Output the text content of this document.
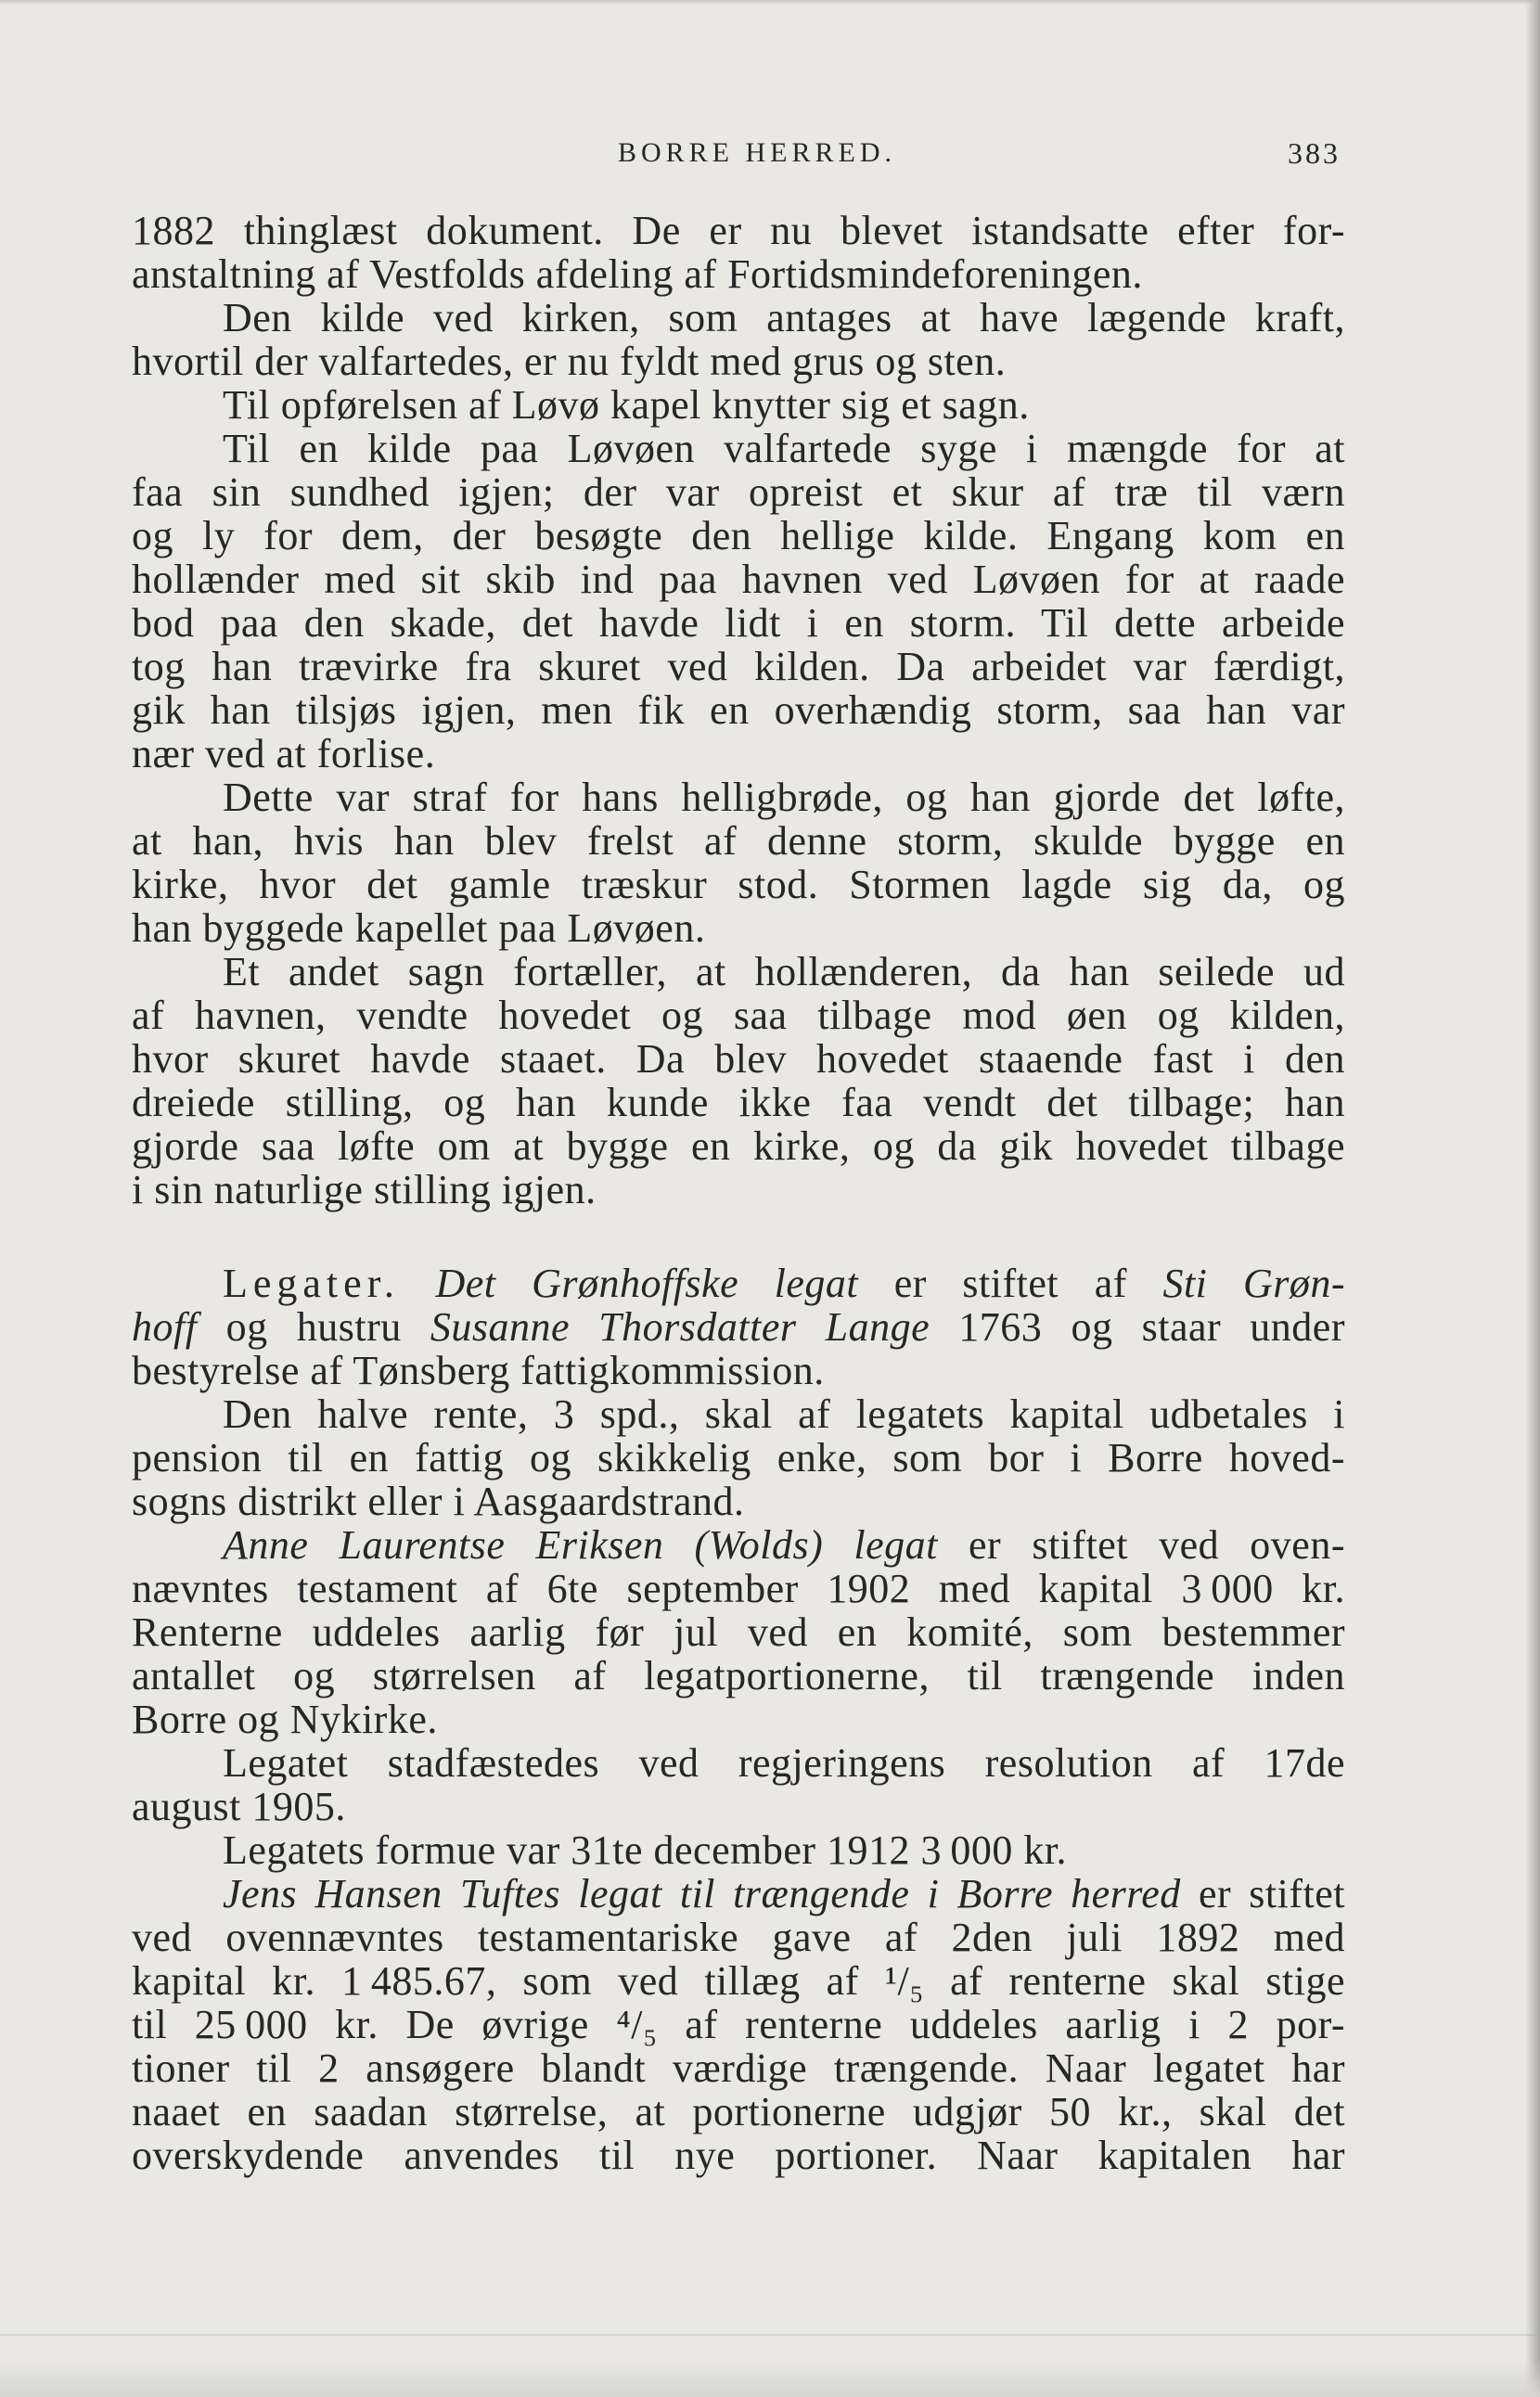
BORRE HERRED.	383
1882 thinglæst dokument. De er nu blevet istandsatte efter for-
anstaltning af Vestfolds afdeling af Fortidsmindeforeningen.
Den kilde ved kirken, som antages at have lægende kraft,
hvortil der valfartedes, er nu fyldt med grus og sten.
Til opførelsen af Løvø kapel knytter sig et sagn.
Til en kilde paa Løvøen valfartede syge i mængde for at
faa sin sundhed igjen; der var opreist et skur af træ til værn
og ly for dem, der besøgte den hellige kilde. Engang kom en
hollænder med sit skib ind paa havnen ved Løvøen for at raade
bod paa den skade, det havde lidt i en storm. Til dette arbeide
tog han trævirke fra skuret ved kilden. Da arbeidet var færdigt,
gik han tilsjøs igjen, men fik en overhændig storm, saa han var
nær ved at forlise.
Dette var straf for hans helligbrøde, og han gjorde det løfte,
at han, hvis han blev frelst af denne storm, skulde bygge en
kirke, hvor det gamle træskur stod. Stormen lagde sig da, og
han byggede kapellet paa Løvøen.
Et andet sagn fortæller, at hollænderen, da han seilede ud
af havnen, vendte hovedet og saa tilbage mod øen og kilden,
hvor skuret havde staaet. Da blev hovedet staaende fast i den
dreiede stilling, og han kunde ikke faa vendt det tilbage; han
gjorde saa løfte om at bygge en kirke, og da gik hovedet tilbage
i sin naturlige stilling igjen.
Legater. Det Grønhoffske legat er stiftet af Sti Grøn-
hoff og hustru Susanne Thorsdatter Lange 1763 og staar under
bestyrelse af Tønsberg fattigkommission.
Den halve rente, 3 spd., skal af legatets kapital udbetales i
pension til en fattig og skikkelig enke, som bor i Borre hoved-
sogns distrikt eller i Aasgaardstrand.
Anne Laurentse Eriksen (Wolds) legat er stiftet ved oven-
nævntes testament af 6te september 1902 med kapital 3 000 kr.
Renterne uddeles aarlig før jul ved en komité, som bestemmer
antallet og størrelsen af legatportionerne, til trængende inden
Borre og Nykirke.
Legatet stadfæstedes ved regjeringens resolution af 17de
august 1905.
Legatets formue var 31te december 1912 3 000 kr.
Jens Hansen Tuftes legat til trængende i Borre herred er stiftet
ved ovennævntes testamentariske gave af 2den juli 1892 med
kapital kr. 1 485.67, som ved tillæg af ¹/₅ af renterne skal stige
til 25 000 kr. De øvrige ⁴/₅ af renterne uddeles aarlig i 2 por-
tioner til 2 ansøgere blandt værdige trængende. Naar legatet har
naaet en saadan størrelse, at portionerne udgjør 50 kr., skal det
overskydende anvendes til nye portioner. Naar kapitalen har
